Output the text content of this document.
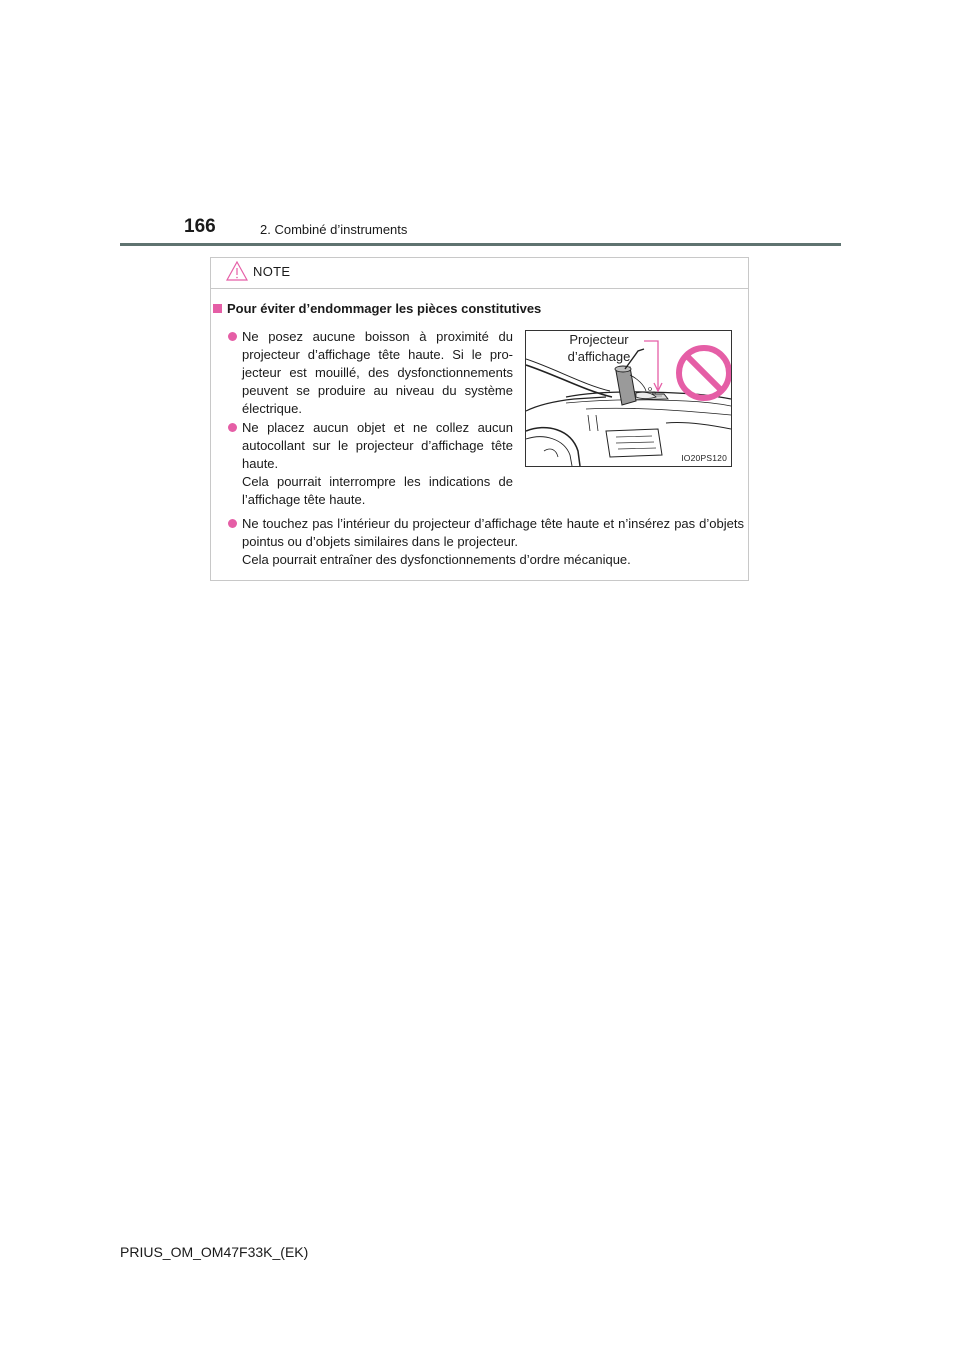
166	2. Combiné d’instruments
NOTE
Pour éviter d’endommager les pièces constitutives
Ne posez aucune boisson à proximité du projecteur d’affichage tête haute. Si le pro-jecteur est mouillé, des dysfonctionnements peuvent se produire au niveau du système électrique.
Ne placez aucun objet et ne collez aucun autocollant sur le projecteur d’affichage tête haute.
Cela pourrait interrompre les indications de l’affichage tête haute.
Ne touchez pas l’intérieur du projecteur d’affichage tête haute et n’insérez pas d’objets pointus ou d’objets similaires dans le projecteur.
Cela pourrait entraîner des dysfonctionnements d’ordre mécanique.
Projecteur
d’affichage
IO20PS120
PRIUS_OM_OM47F33K_(EK)
